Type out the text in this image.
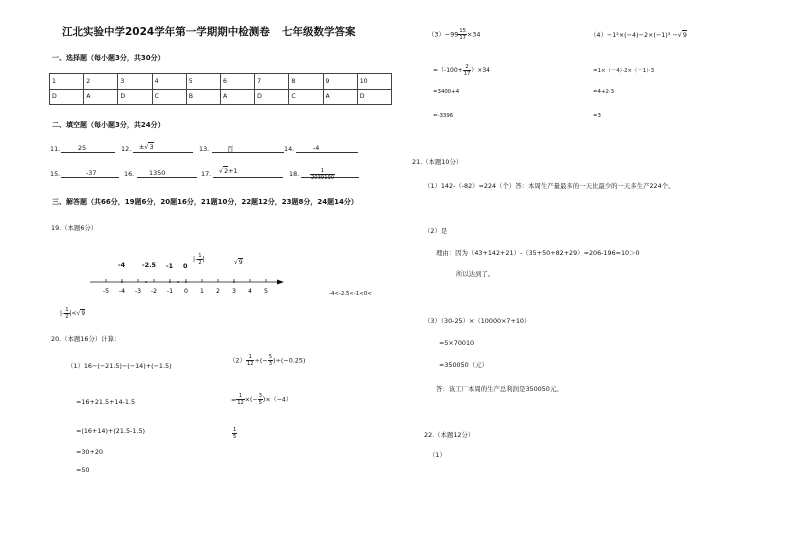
江北实验中学2024学年第一学期期中检测卷 七年级数学答案
一、选择题（每小题3分，共30分）
1	2	3	4	5	6	7	8	9	10
D	A	D	C	B	A	D	C	A	D
二、填空题（每小题3分，共24分）
11.	25	12. ±√3	13.	百	14.	-4
15.	-37	16. 1350	17. √2+1	18. $\frac{1}{2039190}$
三、解答题（共66分，19题6分，20题16分，21题10分，22题12分，23题8分，24题14分）
19.（本题6分）
-4	-2.5 -1 0
|- $\frac{1}{2}$ |	√9
-5 -4 -3 -2 -1 0 1 2 3 4 5
|- $\frac{1}{2} |<√9$
-4<-2.5<-1<0<
20.（本题16分）计算：
（1）16−(−21.5)−(−14)+(−1.5)
=16+21.5+14-1.5
=(16+14)+(21.5-1.5)
=30+20
=50
$(2) \frac{1}{12}$ ÷(− $\frac{5}{3} )\div(-0.25)$
= $\frac{1}{12}$ ×(− $\frac{3}{5} )\times(-4)$
$\frac{1}{5}$
$(3)-99 \frac{15}{17} \times 34$
$=(-100+ \frac{2}{17} )\times 34$
=3400+4
=-3396
（4）−1²×(−4)−2×(−1)³ −√9
=1×（－4）·2×（－1）·3
=4+2·3
=3
21.（本题10分）
（1）142-（-82）=224（个）答：本周生产量最多的一天比最少的一天多生产224个。
（2）是
理由：因为（43+142+21）-（35+50+82+29）=206-196=10＞0
所以达到了。
（3）（30-25）×（10000×7+10）
=5×70010
=350050（元）
答：该工厂本周的生产总利润是350050元。
22.（本题12分）
（1）
